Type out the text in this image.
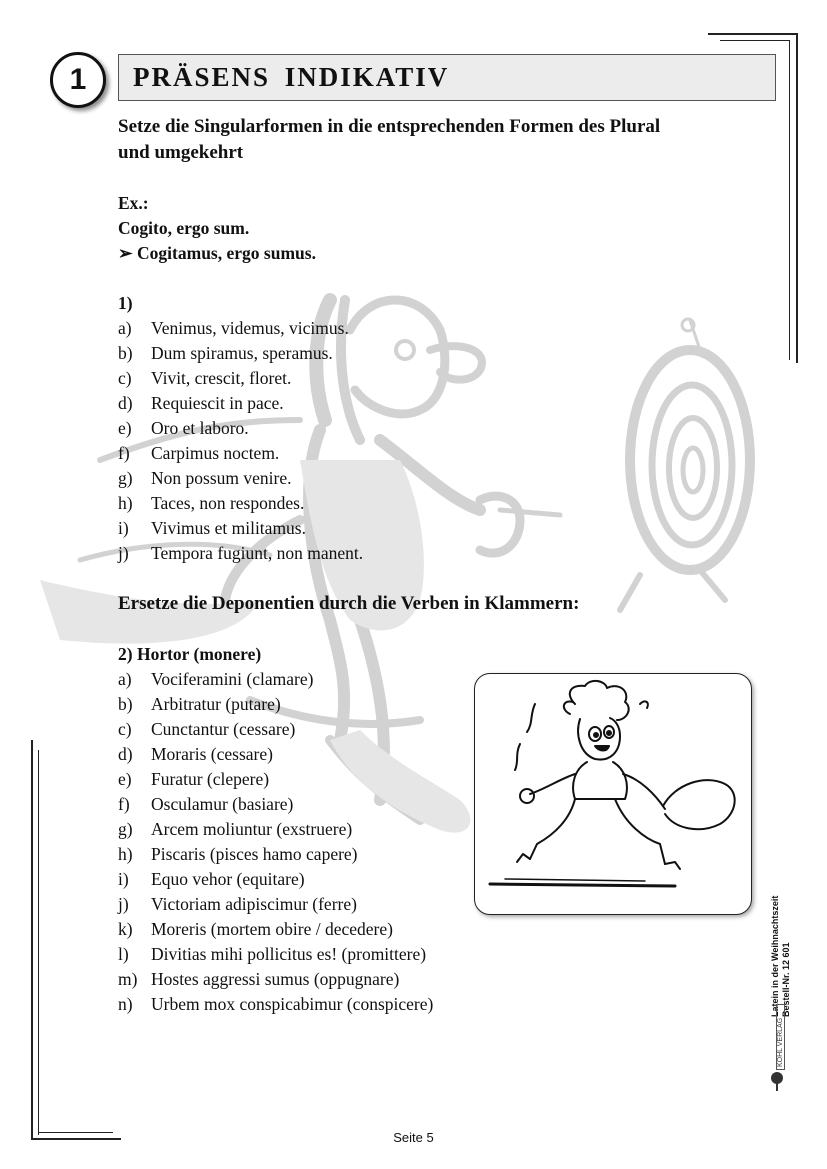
1 PRÄSENS INDIKATIV
Setze die Singularformen in die entsprechenden Formen des Plural
und umgekehrt
Ex.:
Cogito, ergo sum.
➢ Cogitamus, ergo sumus.
1)
a)	Venimus, videmus, vicimus.
b)	Dum spiramus, speramus.
c)	Vivit, crescit, floret.
d)	Requiescit in pace.
e)	Oro et laboro.
f)	Carpimus noctem.
g)	Non possum venire.
h)	Taces, non respondes.
i)	Vivimus et militamus.
j)	Tempora fugiunt, non manent.
Ersetze die Deponentien durch die Verben in Klammern:
2) Hortor (monere)
a)	Vociferamini (clamare)
b)	Arbitratur (putare)
c)	Cunctantur (cessare)
d)	Moraris (cessare)
e)	Furatur (clepere)
f)	Osculamur (basiare)
g)	Arcem moliuntur (exstruere)
h)	Piscaris (pisces hamo capere)
i)	Equo vehor (equitare)
j)	Victoriam adipiscimur (ferre)
k)	Moreris (mortem obire / decedere)
l)	Divitias mihi pollicitus es! (promittere)
m) Hostes aggressi sumus (oppugnare)
n)	Urbem mox conspicabimur (conspicere)	Latein in der Weihnachtszeit Bestell-Nr. 12 601
KOHL VERLAG
Seite 5
